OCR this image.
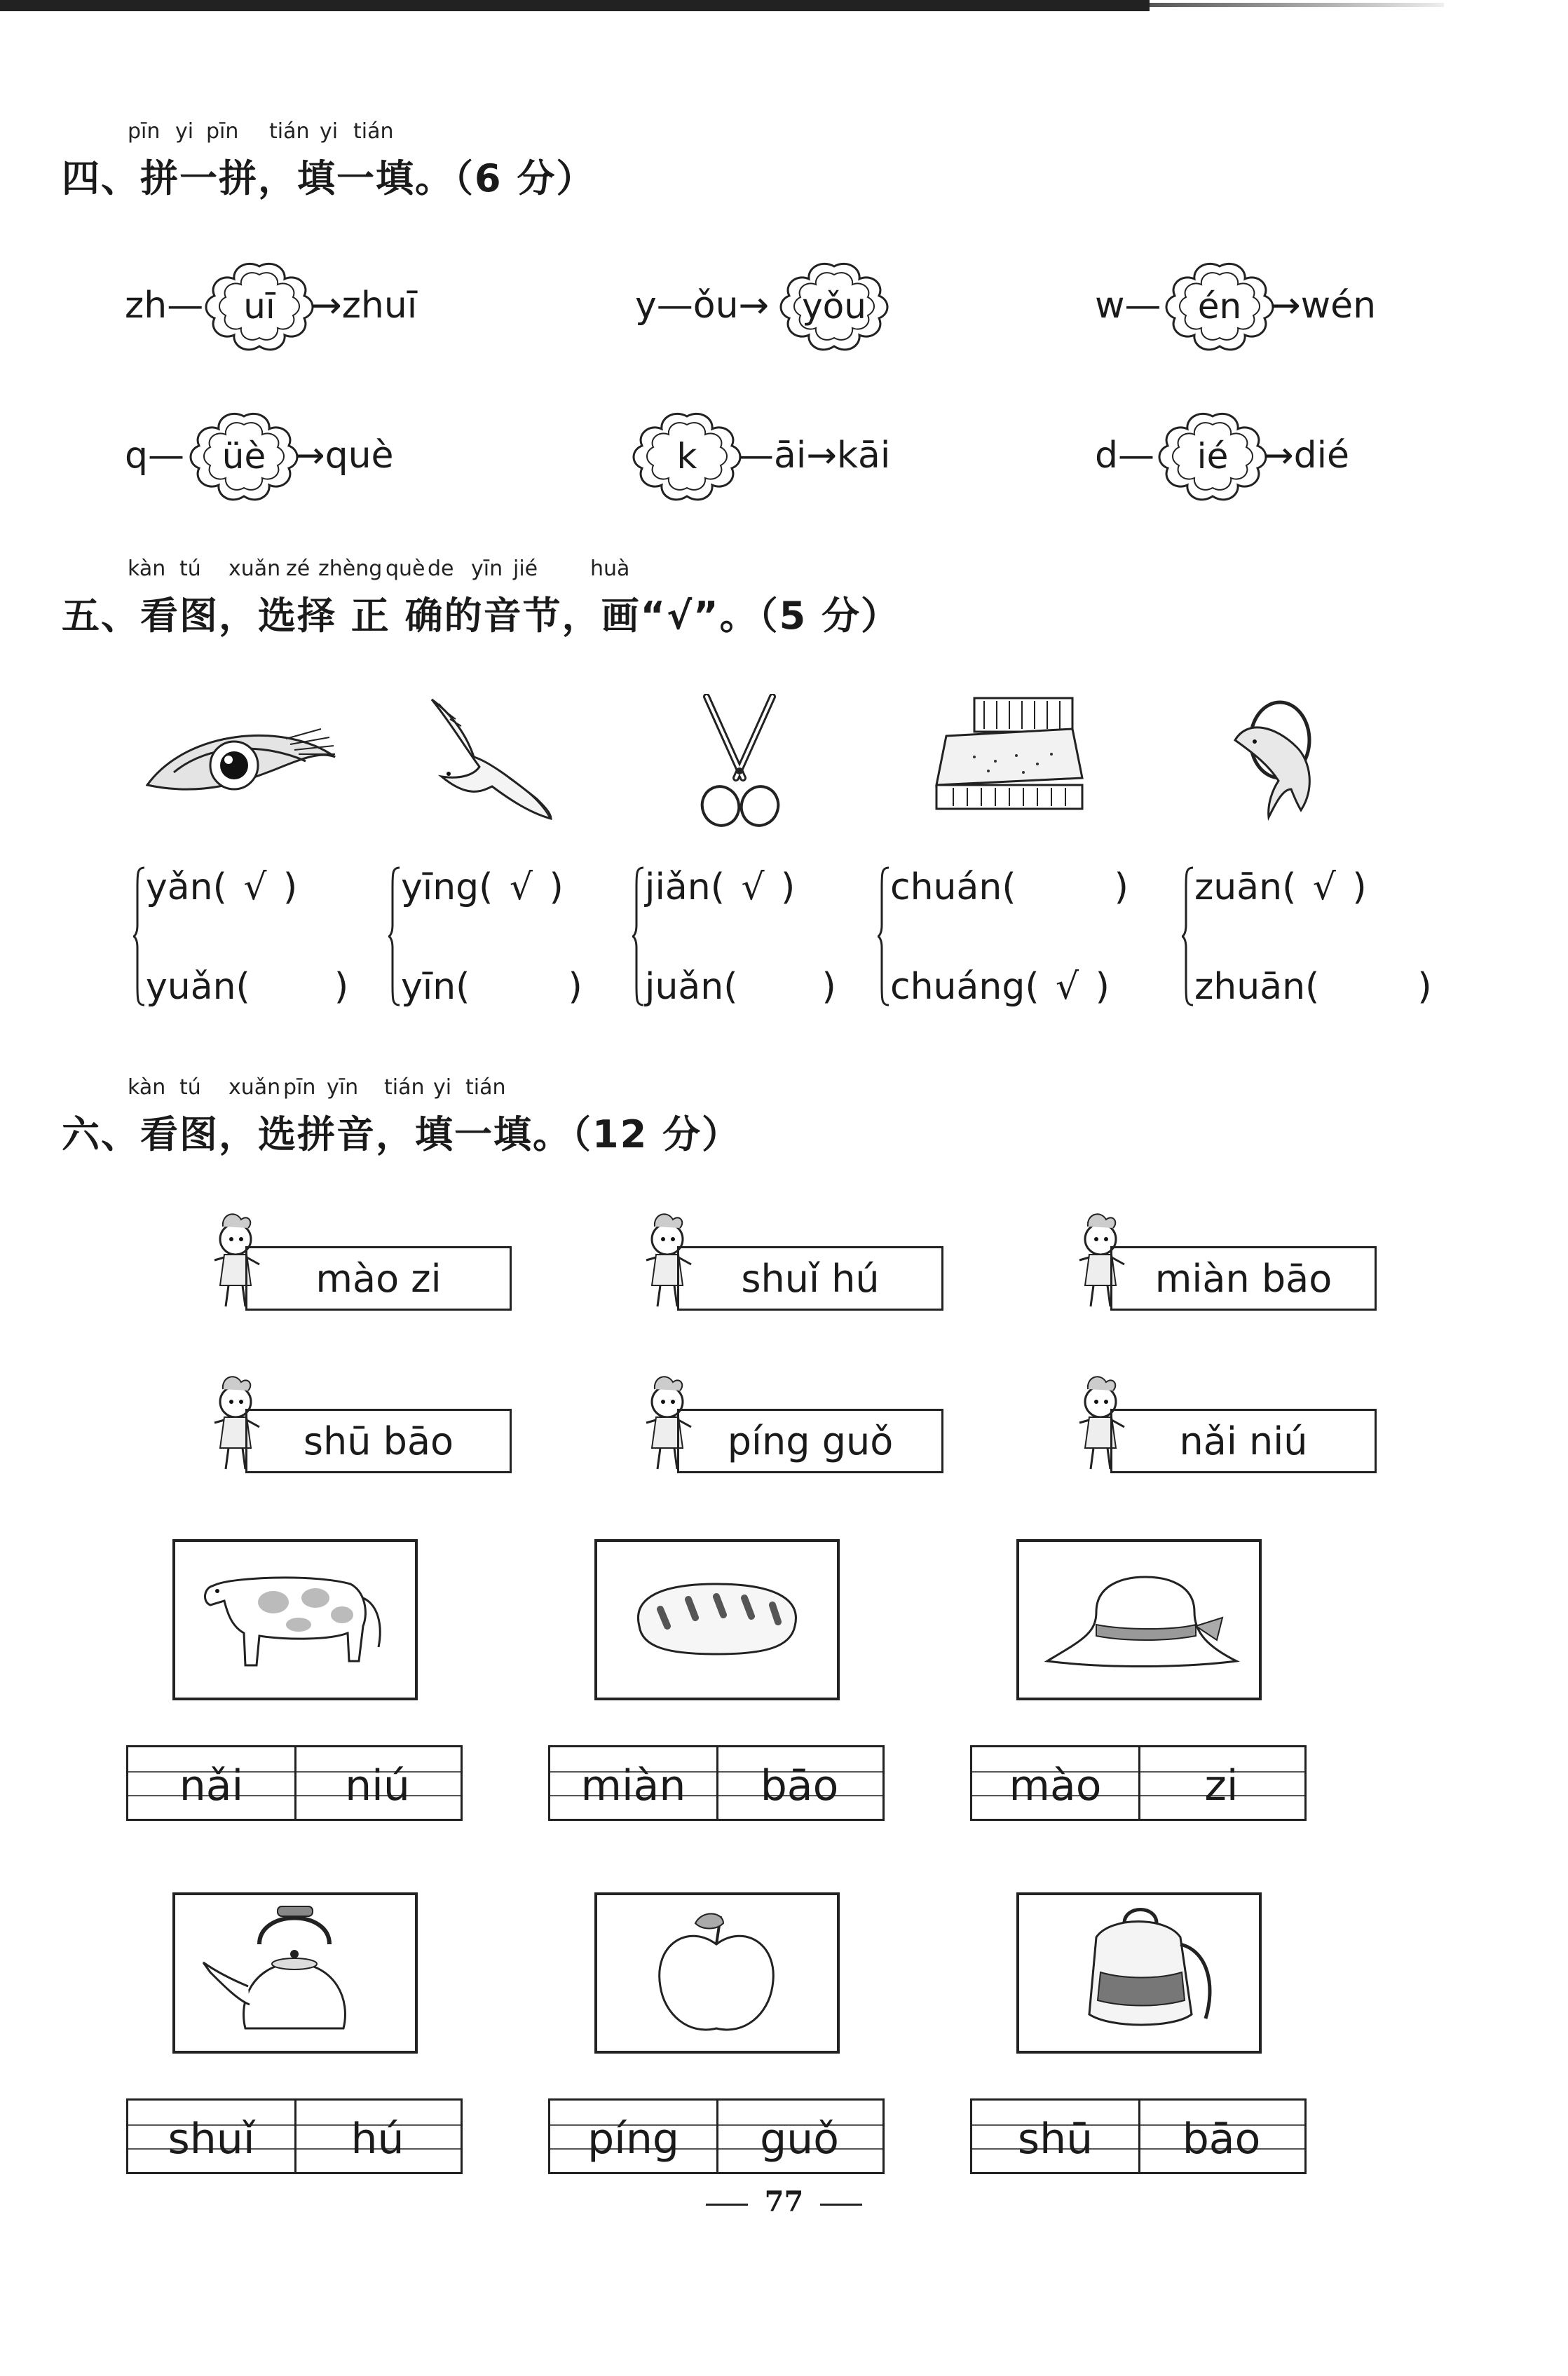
pīn yi pīn tián yi tián
四、拼一拼，填一填。（6 分）
zh—	uī →zhuī	y—ǒu→ yǒu	w—	én →wén
q—	üè →què	k	—āi→kāi	d—	ié →dié
kàn tú xuǎn zé zhèng què de yīn jié huà
五、看图，选择 正 确的音节，画“√”。（5 分）
yǎn( √ )
yuǎn( )
yīng( √ )
yīn(	)
jiǎn( √ )
juǎn( )
chuán(	)
chuáng( √ )
zuān( √ )
zhuān(	)
kàn tú xuǎn pīn yīn tián yi tián
六、看图，选拼音，填一填。（12 分）
mào zi	shuǐ hú	miàn bāo
shū bāo	píng guǒ	nǎi niú
nǎi	niú	miàn	bāo	mào	zi
shuǐ	hú	píng	guǒ	shū	bāo
77
